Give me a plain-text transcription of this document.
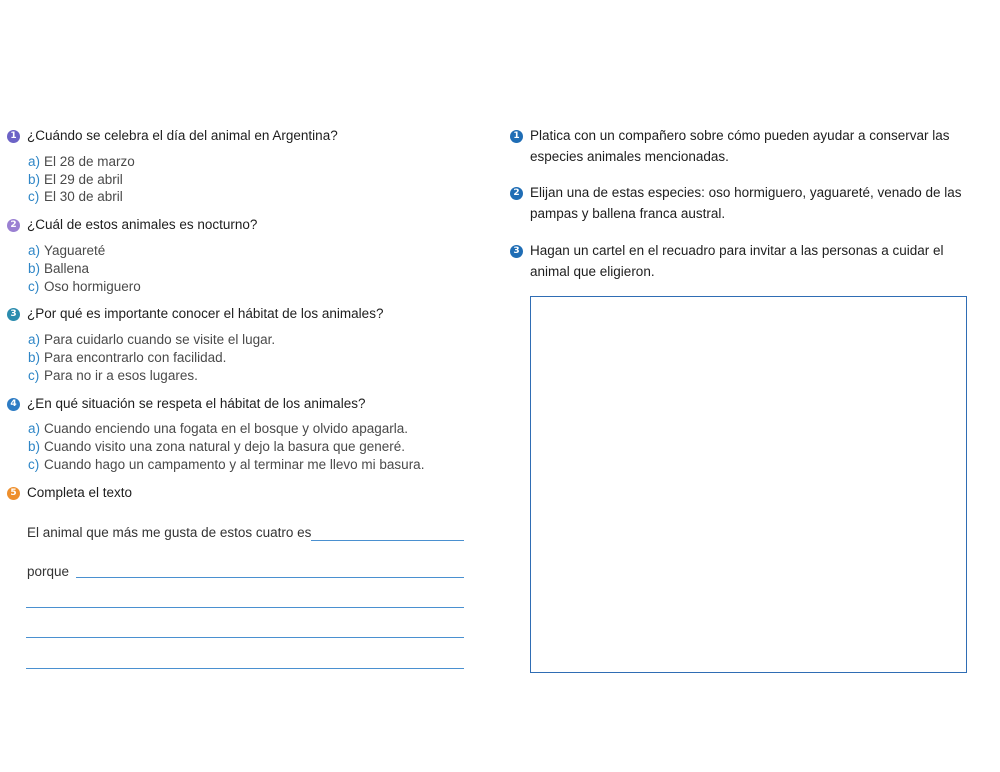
1 ¿Cuándo se celebra el día del animal en Argentina?
a) El 28 de marzo
b) El 29 de abril
c) El 30 de abril
2 ¿Cuál de estos animales es nocturno?
a) Yaguareté
b) Ballena
c) Oso hormiguero
3 ¿Por qué es importante conocer el hábitat de los animales?
a) Para cuidarlo cuando se visite el lugar.
b) Para encontrarlo con facilidad.
c) Para no ir a esos lugares.
4 ¿En qué situación se respeta el hábitat de los animales?
a) Cuando enciendo una fogata en el bosque y olvido apagarla.
b) Cuando visito una zona natural y dejo la basura que generé.
c) Cuando hago un campamento y al terminar me llevo mi basura.
5 Completa el texto
El animal que más me gusta de estos cuatro es
porque
1 Platica con un compañero sobre cómo pueden ayudar a conservar las
especies animales mencionadas.
2 Elijan una de estas especies: oso hormiguero, yaguareté, venado de las
pampas y ballena franca austral.
3 Hagan un cartel en el recuadro para invitar a las personas a cuidar el
animal que eligieron.
